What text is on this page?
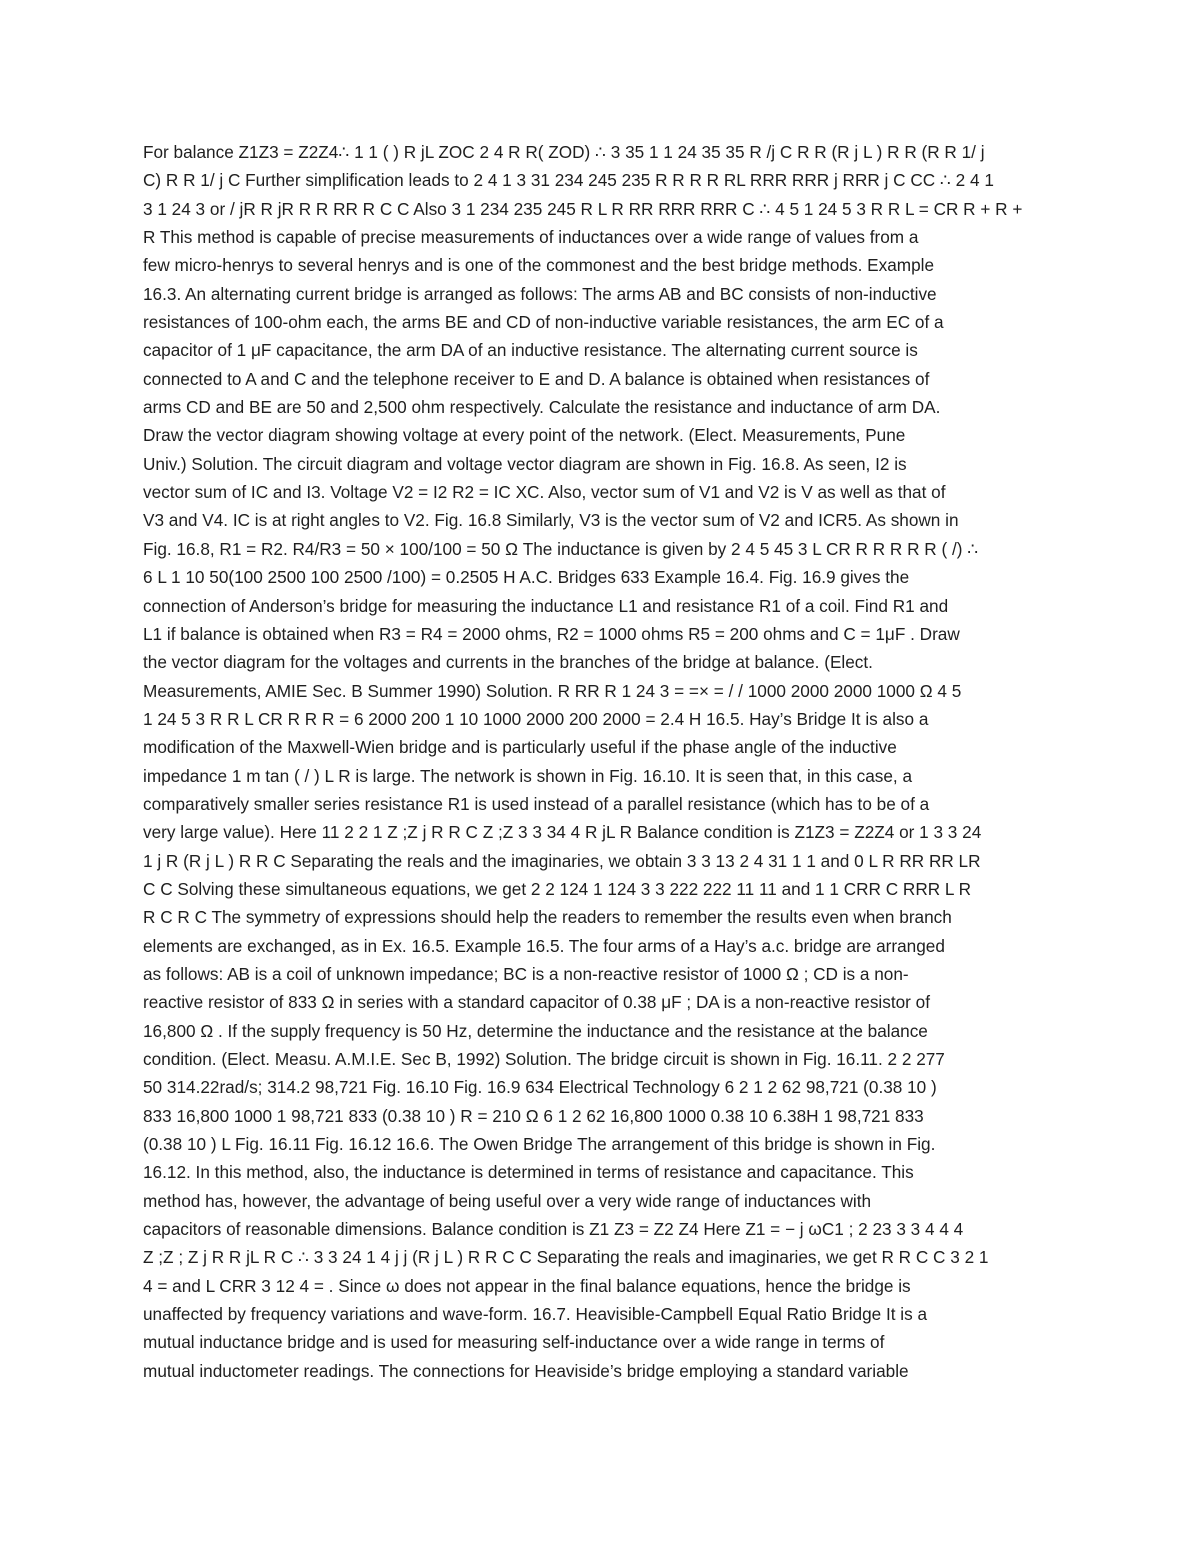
For balance Z1Z3 = Z2Z4∴ 1 1 ( ) R jL ZOC 2 4 R R( ZOD) ∴ 3 35 1 1 24 35 35 R /j C R R (R j L ) R R (R R 1/ j
C) R R 1/ j C Further simplification leads to 2 4 1 3 31 234 245 235 R R R R RL RRR RRR j RRR j C CC ∴ 2 4 1
3 1 24 3 or / jR R jR R R RR R C C Also 3 1 234 235 245 R L R RR RRR RRR C ∴ 4 5 1 24 5 3 R R L = CR R + R +
R This method is capable of precise measurements of inductances over a wide range of values from a
few micro-henrys to several henrys and is one of the commonest and the best bridge methods. Example
16.3. An alternating current bridge is arranged as follows: The arms AB and BC consists of non-inductive
resistances of 100-ohm each, the arms BE and CD of non-inductive variable resistances, the arm EC of a
capacitor of 1 μF capacitance, the arm DA of an inductive resistance. The alternating current source is
connected to A and C and the telephone receiver to E and D. A balance is obtained when resistances of
arms CD and BE are 50 and 2,500 ohm respectively. Calculate the resistance and inductance of arm DA.
Draw the vector diagram showing voltage at every point of the network. (Elect. Measurements, Pune
Univ.) Solution. The circuit diagram and voltage vector diagram are shown in Fig. 16.8. As seen, I2 is
vector sum of IC and I3. Voltage V2 = I2 R2 = IC XC. Also, vector sum of V1 and V2 is V as well as that of
V3 and V4. IC is at right angles to V2. Fig. 16.8 Similarly, V3 is the vector sum of V2 and ICR5. As shown in
Fig. 16.8, R1 = R2. R4/R3 = 50 × 100/100 = 50 Ω The inductance is given by 2 4 5 45 3 L CR R R R R R ( /) ∴
6 L 1 10 50(100 2500 100 2500 /100) = 0.2505 H A.C. Bridges 633 Example 16.4. Fig. 16.9 gives the
connection of Anderson’s bridge for measuring the inductance L1 and resistance R1 of a coil. Find R1 and
L1 if balance is obtained when R3 = R4 = 2000 ohms, R2 = 1000 ohms R5 = 200 ohms and C = 1μF . Draw
the vector diagram for the voltages and currents in the branches of the bridge at balance. (Elect.
Measurements, AMIE Sec. B Summer 1990) Solution. R RR R 1 24 3 = =× = / / 1000 2000 2000 1000 Ω 4 5
1 24 5 3 R R L CR R R R = 6 2000 200 1 10 1000 2000 200 2000 = 2.4 H 16.5. Hay’s Bridge It is also a
modification of the Maxwell-Wien bridge and is particularly useful if the phase angle of the inductive
impedance 1 m tan ( / ) L R is large. The network is shown in Fig. 16.10. It is seen that, in this case, a
comparatively smaller series resistance R1 is used instead of a parallel resistance (which has to be of a
very large value). Here 11 2 2 1 Z ;Z j R R C Z ;Z 3 3 34 4 R jL R Balance condition is Z1Z3 = Z2Z4 or 1 3 3 24
1 j R (R j L ) R R C Separating the reals and the imaginaries, we obtain 3 3 13 2 4 31 1 1 and 0 L R RR RR LR
C C Solving these simultaneous equations, we get 2 2 124 1 124 3 3 222 222 11 11 and 1 1 CRR C RRR L R
R C R C The symmetry of expressions should help the readers to remember the results even when branch
elements are exchanged, as in Ex. 16.5. Example 16.5. The four arms of a Hay’s a.c. bridge are arranged
as follows: AB is a coil of unknown impedance; BC is a non-reactive resistor of 1000 Ω ; CD is a non-
reactive resistor of 833 Ω in series with a standard capacitor of 0.38 μF ; DA is a non-reactive resistor of
16,800 Ω . If the supply frequency is 50 Hz, determine the inductance and the resistance at the balance
condition. (Elect. Measu. A.M.I.E. Sec B, 1992) Solution. The bridge circuit is shown in Fig. 16.11. 2 2 277
50 314.22rad/s; 314.2 98,721 Fig. 16.10 Fig. 16.9 634 Electrical Technology 6 2 1 2 62 98,721 (0.38 10 )
833 16,800 1000 1 98,721 833 (0.38 10 ) R = 210 Ω 6 1 2 62 16,800 1000 0.38 10 6.38H 1 98,721 833
(0.38 10 ) L Fig. 16.11 Fig. 16.12 16.6. The Owen Bridge The arrangement of this bridge is shown in Fig.
16.12. In this method, also, the inductance is determined in terms of resistance and capacitance. This
method has, however, the advantage of being useful over a very wide range of inductances with
capacitors of reasonable dimensions. Balance condition is Z1 Z3 = Z2 Z4 Here Z1 = − j ωC1 ; 2 23 3 3 4 4 4
Z ;Z ; Z j R R jL R C ∴ 3 3 24 1 4 j j (R j L ) R R C C Separating the reals and imaginaries, we get R R C C 3 2 1
4 = and L CRR 3 12 4 = . Since ω does not appear in the final balance equations, hence the bridge is
unaffected by frequency variations and wave-form. 16.7. Heavisible-Campbell Equal Ratio Bridge It is a
mutual inductance bridge and is used for measuring self-inductance over a wide range in terms of
mutual inductometer readings. The connections for Heaviside’s bridge employing a standard variable
